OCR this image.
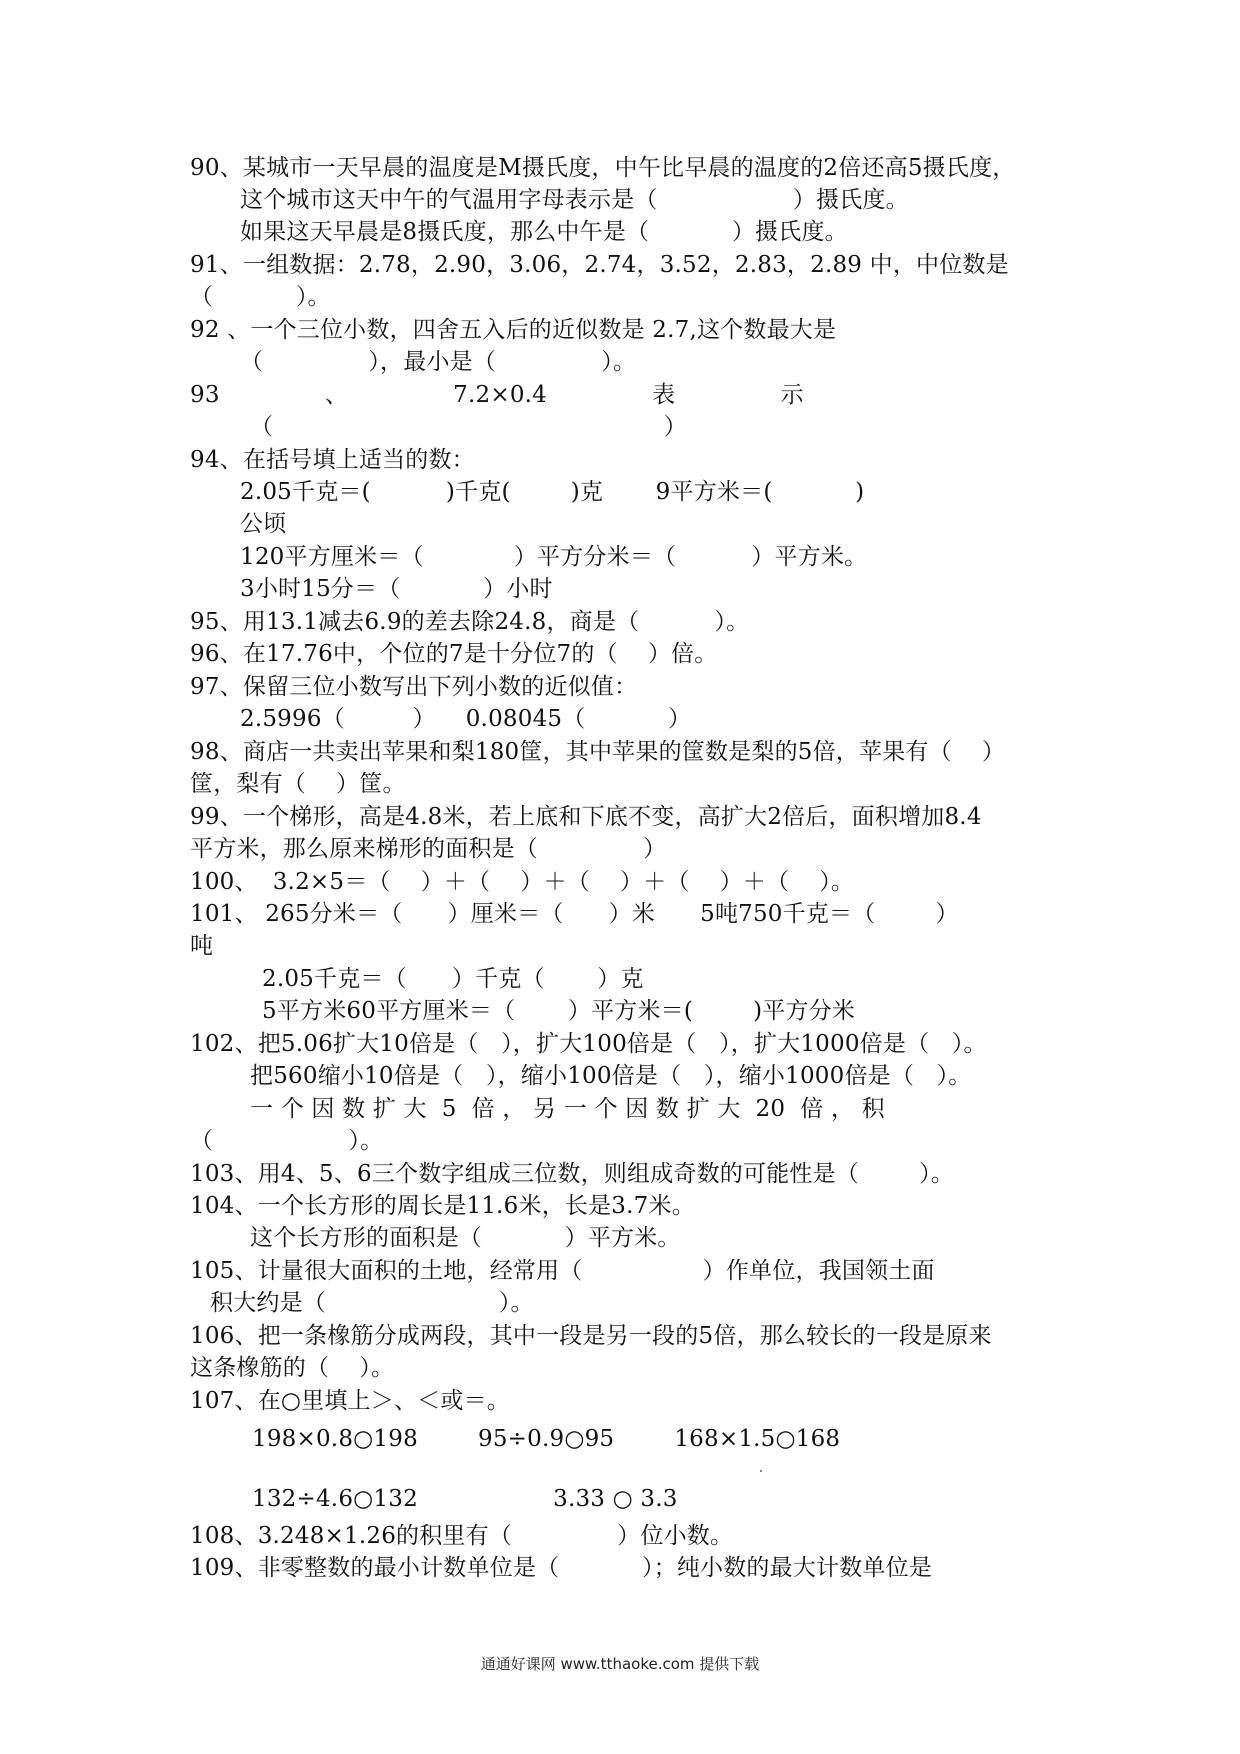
90、某城市一天早晨的温度是M摄氏度，中午比早晨的温度的2倍还高5摄氏度，
这个城市这天中午的气温用字母表示是（                  ）摄氏度。
如果这天早晨是8摄氏度，那么中午是（           ）摄氏度。
91、一组数据：2.78，2.90，3.06，2.74，3.52，2.83，2.89 中，中位数是
（           ）。
92 、一个三位小数，四舍五入后的近似数是 2.7,这个数最大是
（              ），最小是（              ）。
93              、              7.2×0.4              表              示
（                                                    ）
94、在括号填上适当的数：
2.05千克＝(          )千克(        )克       9平方米＝(           )
公顷
120平方厘米＝（            ）平方分米＝（          ）平方米。
3小时15分＝（           ）小时
95、用13.1减去6.9的差去除24.8，商是（          ）。
96、在17.76中，个位的7是十分位7的（    ）倍。
97、保留三位小数写出下列小数的近似值：
2.5996（         ）    0.08045（           ）
98、商店一共卖出苹果和梨180筐，其中苹果的筐数是梨的5倍，苹果有（    ）
筐，梨有（    ）筐。
99、一个梯形，高是4.8米，若上底和下底不变，高扩大2倍后，面积增加8.4
平方米，那么原来梯形的面积是（              ）
100、  3.2×5＝（    ）＋（    ）＋（    ）＋（    ）＋（    ）。
101、 265分米＝（      ）厘米＝（      ）米      5吨750千克＝（        ）
吨
2.05千克＝（      ）千克（       ）克
5平方米60平方厘米＝（       ）平方米＝(        )平方分米
102、把5.06扩大10倍是（   ），扩大100倍是（   ），扩大1000倍是（   ）。
把560缩小10倍是（   ），缩小100倍是（   ），缩小1000倍是（   ）。
一 个 因 数 扩 大  5  倍 ， 另 一 个 因 数 扩 大  20  倍 ， 积
（                  ）。
103、用4、5、6三个数字组成三位数，则组成奇数的可能性是（        ）。
104、一个长方形的周长是11.6米，长是3.7米。
这个长方形的面积是（           ）平方米。
105、计量很大面积的土地，经常用（                ）作单位，我国领土面
积大约是（                       ）。
106、把一条橡筋分成两段，其中一段是另一段的5倍，那么较长的一段是原来
这条橡筋的（    ）。
107、在○里填上＞、＜或＝。
198×0.8○198        95÷0.9○95        168×1.5○168
132÷4.6○132                  3.33 ○ 3.3
108、3.248×1.26的积里有（              ）位小数。
109、非零整数的最小计数单位是（           ）；纯小数的最大计数单位是
通通好课网 www.tthaoke.com 提供下载
